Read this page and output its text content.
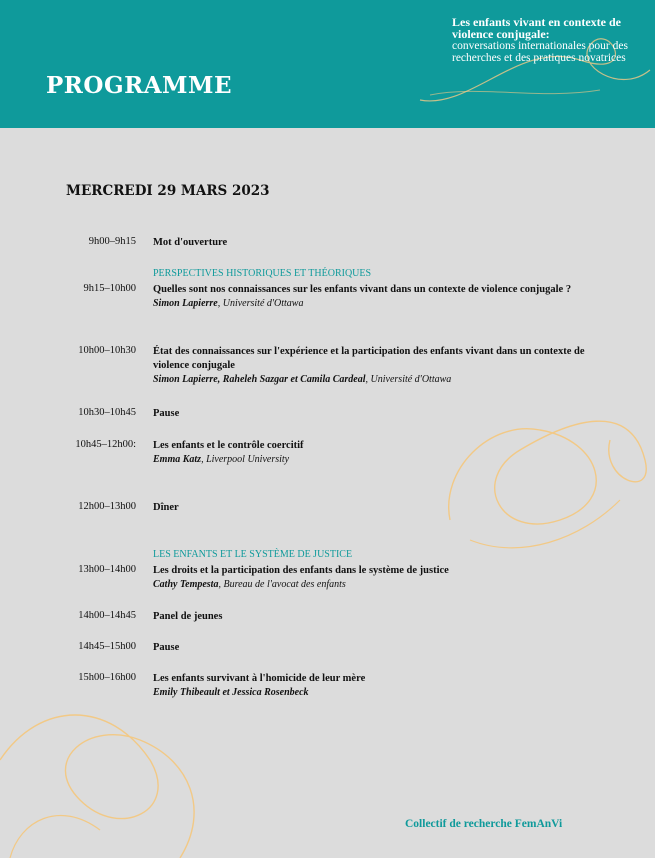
PROGRAMME
Les enfants vivant en contexte de violence conjugale:
conversations internationales pour des recherches et des pratiques novatrices
MERCREDI 29 MARS 2023
9h00–9h15 Mot d'ouverture
PERSPECTIVES HISTORIQUES ET THÉORIQUES
9h15–10h00 Quelles sont nos connaissances sur les enfants vivant dans un contexte de violence conjugale ?
Simon Lapierre, Université d'Ottawa
10h00–10h30 État des connaissances sur l'expérience et la participation des enfants vivant dans un contexte de violence conjugale
Simon Lapierre, Raheleh Sazgar et Camila Cardeal, Université d'Ottawa
10h30–10h45 Pause
10h45–12h00: Les enfants et le contrôle coercitif
Emma Katz, Liverpool University
12h00–13h00 Dîner
LES ENFANTS ET LE SYSTÈME DE JUSTICE
13h00–14h00 Les droits et la participation des enfants dans le système de justice
Cathy Tempesta, Bureau de l'avocat des enfants
14h00–14h45 Panel de jeunes
14h45–15h00 Pause
15h00–16h00 Les enfants survivant à l'homicide de leur mère
Emily Thibeault et Jessica Rosenbeck
Collectif de recherche FemAnVi
